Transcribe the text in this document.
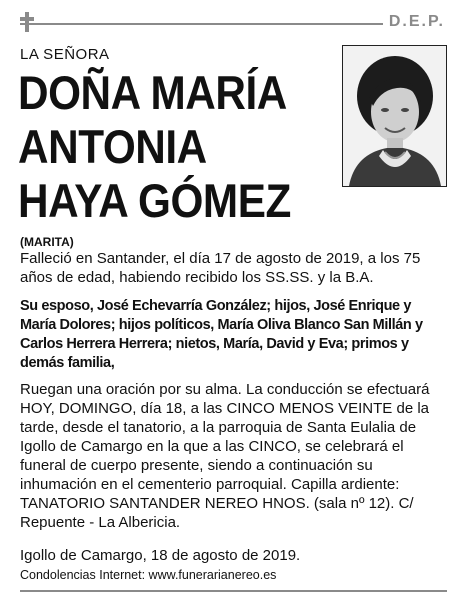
D.E.P.
LA SEÑORA
DOÑA MARÍA
ANTONIA
HAYA GÓMEZ
(MARITA)
Falleció en Santander, el día 17 de agosto de 2019, a los 75 años de edad, habiendo recibido los SS.SS. y la B.A.
Su esposo, José Echevarría González; hijos, José Enrique y María Dolores; hijos políticos, María Oliva Blanco San Millán y Carlos Herrera Herrera; nietos, María, David y Eva; primos y demás familia,
Ruegan una oración por su alma. La conducción se efectuará HOY, DOMINGO, día 18, a las CINCO MENOS VEINTE de la tarde, desde el tanatorio, a la parroquia de Santa Eulalia de Igollo de Camargo en la que a las CINCO, se celebrará el funeral de cuerpo presente, siendo a continuación su inhumación en el cementerio parroquial. Capilla ardiente: TANATORIO SANTANDER NEREO HNOS. (sala nº 12). C/ Repuente - La Albericia.
Igollo de Camargo, 18 de agosto de 2019.
Condolencias Internet: www.funerarianereo.es
